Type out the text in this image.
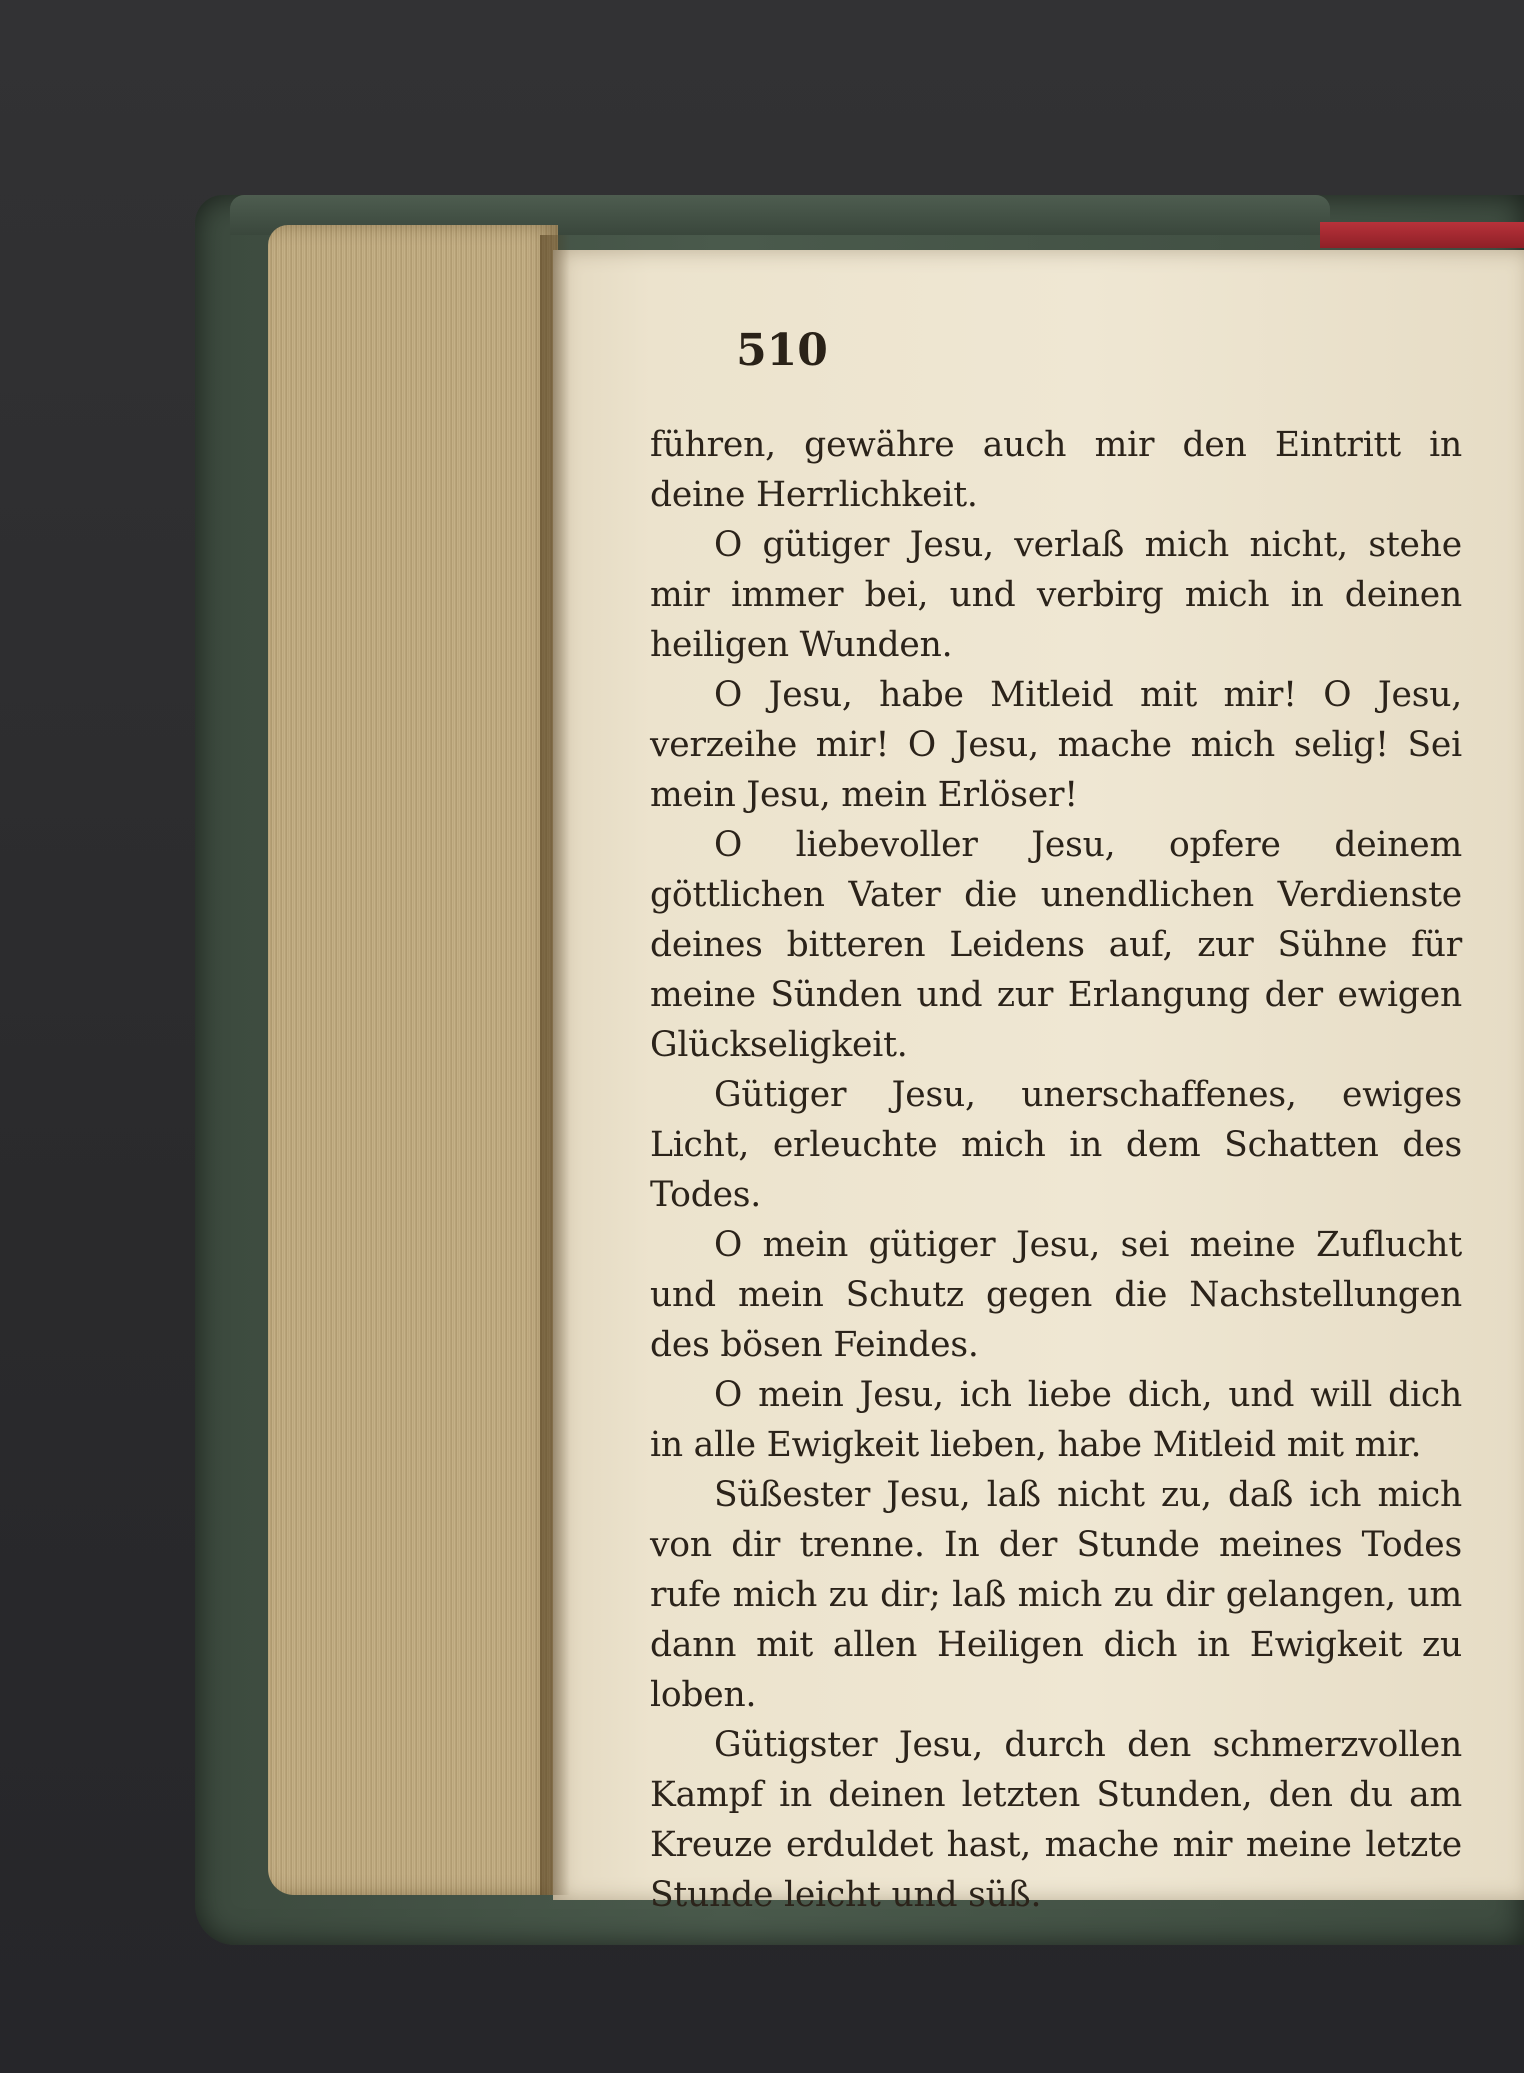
510

führen, gewähre auch mir den Eintritt in deine Herrlichkeit.

O gütiger Jesu, verlaß mich nicht, stehe mir immer bei, und verbirg mich in deinen heiligen Wunden.

O Jesu, habe Mitleid mit mir! O Jesu, verzeihe mir! O Jesu, mache mich selig! Sei mein Jesu, mein Erlöser!

O liebevoller Jesu, opfere deinem göttlichen Vater die unendlichen Verdienste deines bitteren Leidens auf, zur Sühne für meine Sünden und zur Erlangung der ewigen Glückseligkeit.

Gütiger Jesu, unerschaffenes, ewiges Licht, erleuchte mich in dem Schatten des Todes.

O mein gütiger Jesu, sei meine Zuflucht und mein Schutz gegen die Nachstellungen des bösen Feindes.

O mein Jesu, ich liebe dich, und will dich in alle Ewigkeit lieben, habe Mitleid mit mir.

Süßester Jesu, laß nicht zu, daß ich mich von dir trenne. In der Stunde meines Todes rufe mich zu dir; laß mich zu dir gelangen, um dann mit allen Heiligen dich in Ewigkeit zu loben.

Gütigster Jesu, durch den schmerzvollen Kampf in deinen letzten Stunden, den du am Kreuze erduldet hast, mache mir meine letzte Stunde leicht und süß.
